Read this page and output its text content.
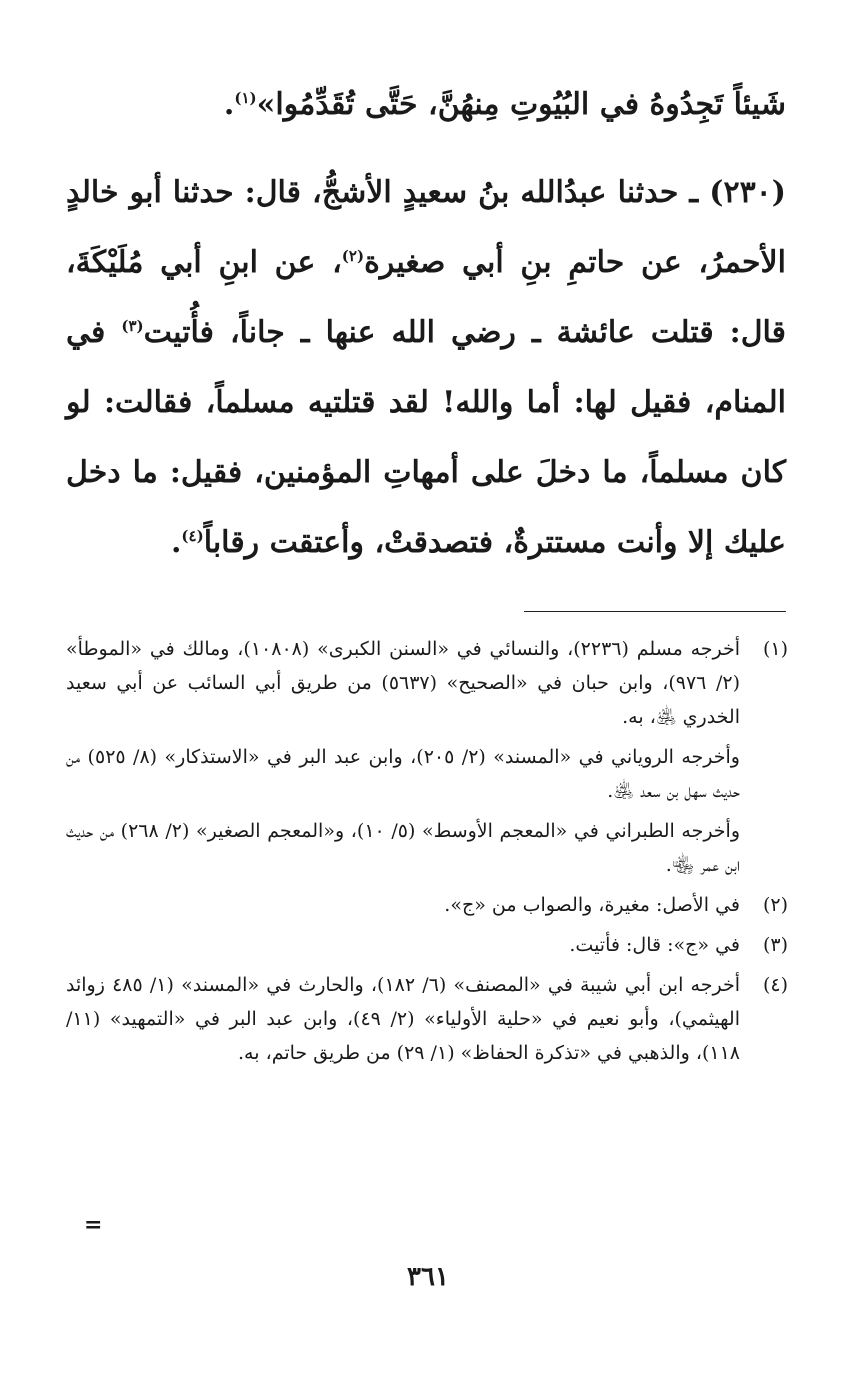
شَيئاً تَجِدُوهُ في البُيُوتِ مِنهُنَّ، حَتَّى تُقَدِّمُوا»$^{(١)}$.

(٢٣٠) ـ حدثنا عبدُالله بنُ سعيدٍ الأشجُّ، قال: حدثنا أبو خالدٍ الأحمرُ، عن حاتمِ بنِ أبي صغيرة$^{(٢)}$، عن ابنِ أبي مُلَيْكَةَ، قال: قتلت عائشة ـ رضي الله عنها ـ جاناً، فأُتيت$^{(٣)}$ في المنام، فقيل لها: أما والله! لقد قتلتيه مسلماً، فقالت: لو كان مسلماً، ما دخلَ على أمهاتِ المؤمنين، فقيل: ما دخل عليك إلا وأنت مستترةٌ، فتصدقتْ، وأعتقت رقاباً$^{(٤)}$.

(١)

أخرجه مسلم (٢٢٣٦)، والنسائي في «السنن الكبرى» (١٠٨٠٨)، ومالك في «الموطأ» (٢/ ٩٧٦)، وابن حبان في «الصحيح» (٥٦٣٧) من طريق أبي السائب عن أبي سعيد الخدري ﵁، به.

وأخرجه الروياني في «المسند» (٢/ ٢٠٥)، وابن عبد البر في «الاستذكار» (٨/ ٥٢٥) من حديث سهل بن سعد ﵁.

وأخرجه الطبراني في «المعجم الأوسط» (٥/ ١٠)، و«المعجم الصغير» (٢/ ٢٦٨) من حديث ابن عمر ﵄.

(٢)

في الأصل: مغيرة، والصواب من «ج».

(٣)

في «ج»: قال: فأتيت.

(٤)

أخرجه ابن أبي شيبة في «المصنف» (٦/ ١٨٢)، والحارث في «المسند» (١/ ٤٨٥ زوائد الهيثمي)، وأبو نعيم في «حلية الأولياء» (٢/ ٤٩)، وابن عبد البر في «التمهيد» (١١/ ١١٨)، والذهبي في «تذكرة الحفاظ» (١/ ٢٩) من طريق حاتم، به.

=
٣٦١
